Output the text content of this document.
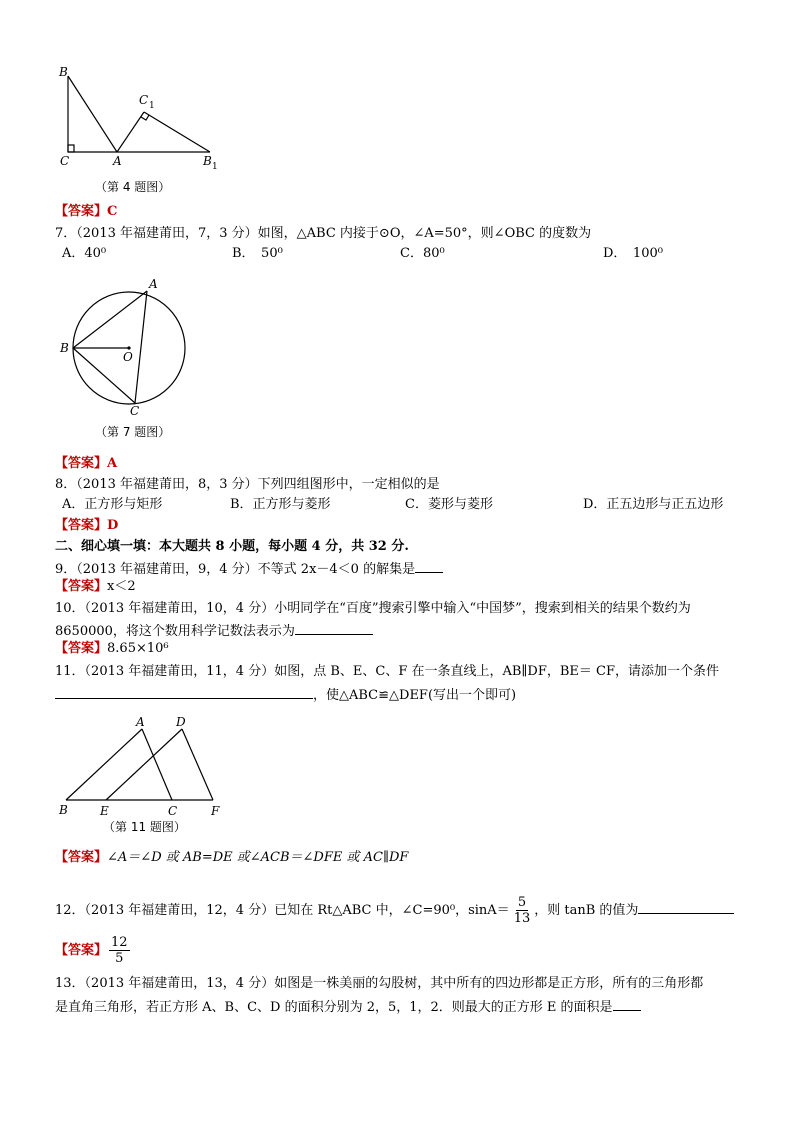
B
C 1
C	A	B 1
（第 4 题图）
【答案】C
7．（2013 年福建莆田，7，3 分）如图，△ABC 内接于⊙O，∠A=50°，则∠OBC 的度数为
A．40⁰	B．　50⁰	C．80⁰	D．　100⁰
A
B
O
C
（第 7 题图）
【答案】A
8．（2013 年福建莆田，8，3 分）下列四组图形中，一定相似的是
A．正方形与矩形	B．正方形与菱形	C．菱形与菱形	D．正五边形与正五边形
【答案】D
二、细心填一填：本大题共 8 小题，每小题 4 分，共 32 分.
9．（2013 年福建莆田，9，4 分）不等式 2x－4＜0 的解集是
【答案】x＜2
10．（2013 年福建莆田，10，4 分）小明同学在“百度”搜索引擎中输入“中国梦”，搜索到相关的结果个数约为
8650000，将这个数用科学记数法表示为
【答案】8.65×10⁶
11．（2013 年福建莆田，11，4 分）如图，点 B、E、C、F 在一条直线上，AB∥DF，BE＝ CF，请添加一个条件
，使△ABC≌△DEF(写出一个即可)
A	D
B	E	C	F
（第 11 题图）
【答案】∠A＝∠D 或 AB=DE 或∠ACB＝∠DFE 或 AC∥DF
12．（2013 年福建莆田，12，4 分）已知在 Rt△ABC 中，∠C=90⁰，$\sin A= \frac{5}{13}$ ，则 tanB 的值为
【答案】 $\frac{12}{5}$
13．（2013 年福建莆田，13，4 分）如图是一株美丽的勾股树，其中所有的四边形都是正方形，所有的三角形都
是直角三角形，若正方形 A、B、C、D 的面积分别为 2，5，1，2．则最大的正方形 E 的面积是
